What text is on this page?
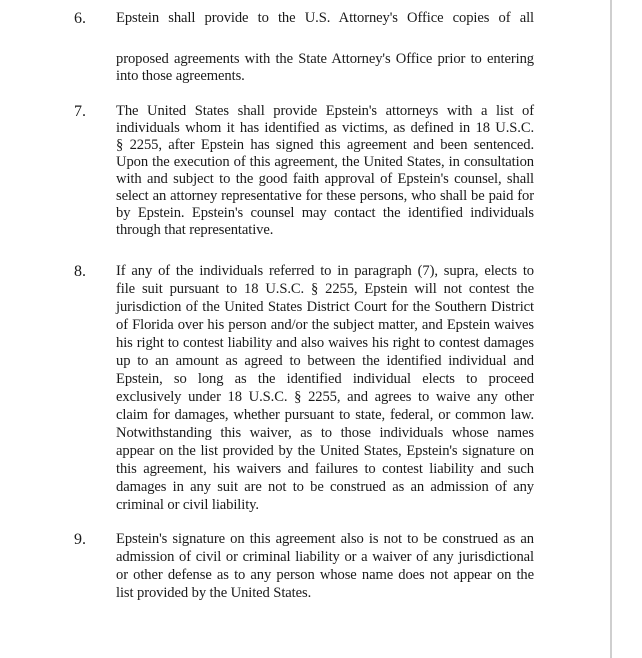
6. Epstein shall provide to the U.S. Attorney's Office copies of all
proposed agreements with the State Attorney's Office prior to entering
into those agreements.
7. The United States shall provide Epstein's attorneys with a list of
individuals whom it has identified as victims, as defined in 18 U.S.C.
§ 2255, after Epstein has signed this agreement and been sentenced.
Upon the execution of this agreement, the United States, in consultation
with and subject to the good faith approval of Epstein's counsel, shall
select an attorney representative for these persons, who shall be paid for
by Epstein. Epstein's counsel may contact the identified individuals
through that representative.
8. If any of the individuals referred to in paragraph (7), supra, elects to
file suit pursuant to 18 U.S.C. § 2255, Epstein will not contest the
jurisdiction of the United States District Court for the Southern District
of Florida over his person and/or the subject matter, and Epstein waives
his right to contest liability and also waives his right to contest damages
up to an amount as agreed to between the identified individual and
Epstein, so long as the identified individual elects to proceed
exclusively under 18 U.S.C. § 2255, and agrees to waive any other
claim for damages, whether pursuant to state, federal, or common law.
Notwithstanding this waiver, as to those individuals whose names
appear on the list provided by the United States, Epstein's signature on
this agreement, his waivers and failures to contest liability and such
damages in any suit are not to be construed as an admission of any
criminal or civil liability.
9. Epstein's signature on this agreement also is not to be construed as an
admission of civil or criminal liability or a waiver of any jurisdictional
or other defense as to any person whose name does not appear on the
list provided by the United States.
